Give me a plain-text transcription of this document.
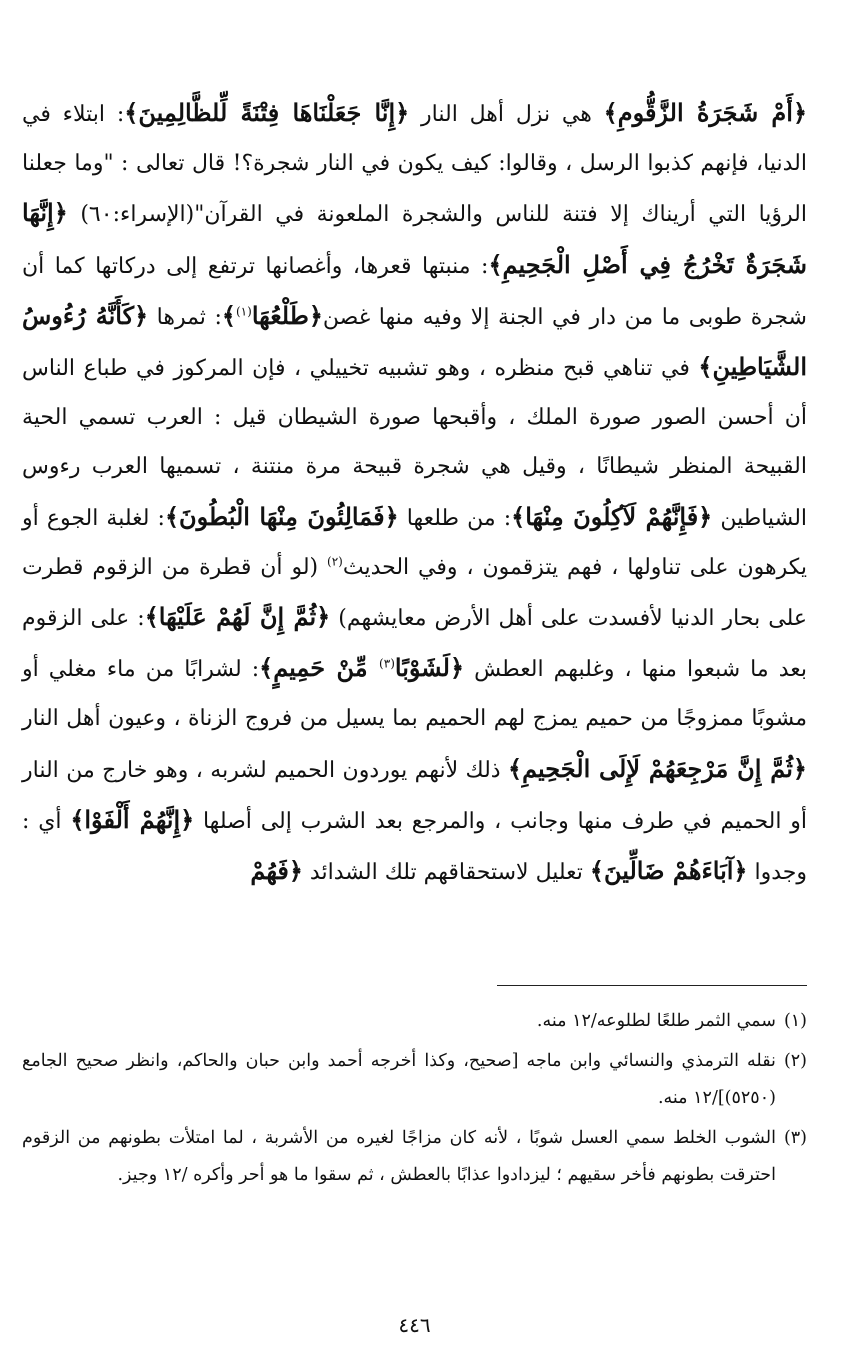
﴿أَمْ شَجَرَةُ الزَّقُّومِ﴾ هي نزل أهل النار ﴿إِنَّا جَعَلْنَاهَا فِتْنَةً لِّلظَّالِمِينَ﴾: ابتلاء في الدنيا، فإنهم كذبوا الرسل ، وقالوا: كيف يكون في النار شجرة؟! قال تعالى : "وما جعلنا الرؤيا التي أريناك إلا فتنة للناس والشجرة الملعونة في القرآن"(الإسراء:٦٠) ﴿إِنَّهَا شَجَرَةٌ تَخْرُجُ فِي أَصْلِ الْجَحِيمِ﴾: منبتها قعرها، وأغصانها ترتفع إلى دركاتها كما أن شجرة طوبى ما من دار في الجنة إلا وفيه منها غصن﴿طَلْعُهَا$^{(١)}$﴾: ثمرها ﴿كَأَنَّهُ رُءُوسُ الشَّيَاطِينِ﴾ في تناهي قبح منظره ، وهو تشبيه تخييلي ، فإن المركوز في طباع الناس أن أحسن الصور صورة الملك ، وأقبحها صورة الشيطان قيل : العرب تسمي الحية القبيحة المنظر شيطانًا ، وقيل هي شجرة قبيحة مرة منتنة ، تسميها العرب رءوس الشياطين ﴿فَإِنَّهُمْ لَآكِلُونَ مِنْهَا﴾: من طلعها ﴿فَمَالِئُونَ مِنْهَا الْبُطُونَ﴾: لغلبة الجوع أو يكرهون على تناولها ، فهم يتزقمون ، وفي الحديث$^{(٢)}$ (لو أن قطرة من الزقوم قطرت على بحار الدنيا لأفسدت على أهل الأرض معايشهم) ﴿ثُمَّ إِنَّ لَهُمْ عَلَيْهَا﴾: على الزقوم بعد ما شبعوا منها ، وغلبهم العطش ﴿لَشَوْبًا$^{(٣)}$ مِّنْ حَمِيمٍ﴾: لشرابًا من ماء مغلي أو مشوبًا ممزوجًا من حميم يمزج لهم الحميم بما يسيل من فروج الزناة ، وعيون أهل النار ﴿ثُمَّ إِنَّ مَرْجِعَهُمْ لَإِلَى الْجَحِيمِ﴾ ذلك لأنهم يوردون الحميم لشربه ، وهو خارج من النار أو الحميم في طرف منها وجانب ، والمرجع بعد الشرب إلى أصلها ﴿إِنَّهُمْ أَلْفَوْا﴾ أي : وجدوا ﴿آبَاءَهُمْ ضَالِّينَ﴾ تعليل لاستحقاقهم تلك الشدائد ﴿فَهُمْ

(١)
سمي الثمر طلعًا لطلوعه/١٢ منه.
(٢)
نقله الترمذي والنسائي وابن ماجه [صحيح، وكذا أخرجه أحمد وابن حبان والحاكم، وانظر صحيح الجامع (٥٢٥٠)]/١٢ منه.
(٣)
الشوب الخلط سمي العسل شوبًا ، لأنه كان مزاجًا لغيره من الأشربة ، لما امتلأت بطونهم من الزقوم احترقت بطونهم فأخر سقيهم ؛ ليزدادوا عذابًا بالعطش ، ثم سقوا ما هو أحر وأكره /١٢ وجيز.
٤٤٦
